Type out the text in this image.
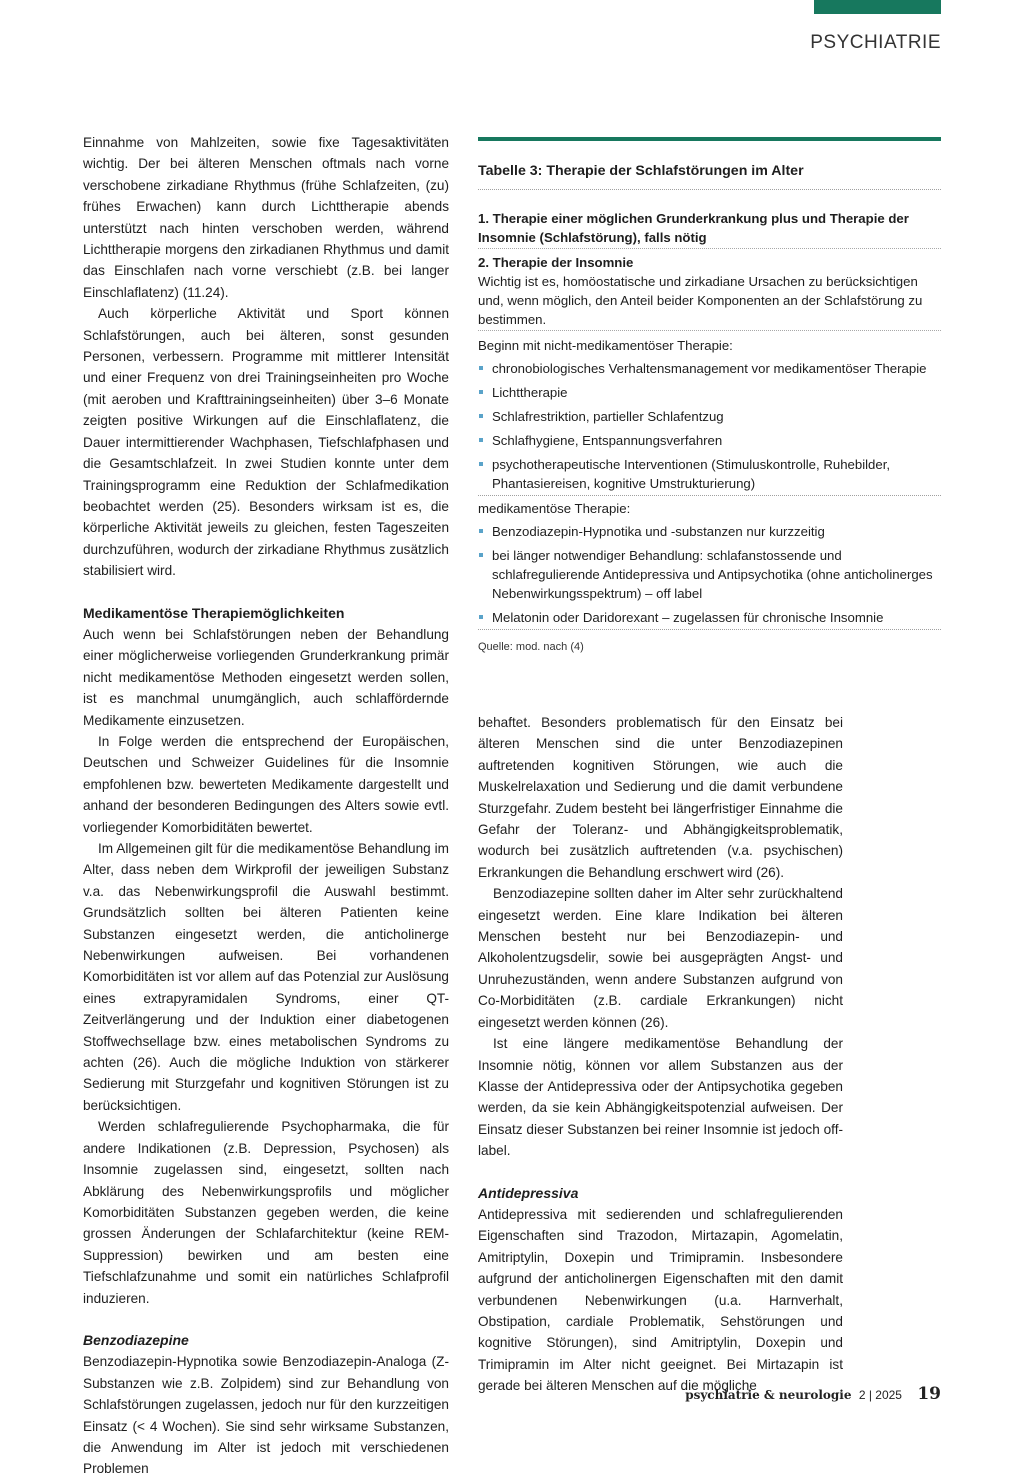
PSYCHIATRIE

Einnahme von Mahlzeiten, sowie fixe Tagesaktivitäten wichtig. Der bei älteren Menschen oftmals nach vorne verschobene zirkadiane Rhythmus (frühe Schlafzeiten, (zu) frühes Erwachen) kann durch Lichttherapie abends unterstützt nach hinten verschoben werden, während Lichttherapie morgens den zirkadianen Rhythmus und damit das Einschlafen nach vorne verschiebt (z.B. bei langer Einschlaflatenz) (11.24).

Auch körperliche Aktivität und Sport können Schlafstörungen, auch bei älteren, sonst gesunden Personen, verbessern. Programme mit mittlerer Intensität und einer Frequenz von drei Trainingseinheiten pro Woche (mit aeroben und Krafttrainingseinheiten) über 3–6 Monate zeigten positive Wirkungen auf die Einschlaflatenz, die Dauer intermittierender Wachphasen, Tiefschlafphasen und die Gesamtschlafzeit. In zwei Studien konnte unter dem Trainingsprogramm eine Reduktion der Schlafmedikation beobachtet werden (25). Besonders wirksam ist es, die körperliche Aktivität jeweils zu gleichen, festen Tageszeiten durchzuführen, wodurch der zirkadiane Rhythmus zusätzlich stabilisiert wird.

Medikamentöse Therapiemöglichkeiten

Auch wenn bei Schlafstörungen neben der Behandlung einer möglicherweise vorliegenden Grunderkrankung primär nicht medikamentöse Methoden eingesetzt werden sollen, ist es manchmal unumgänglich, auch schlaffördernde Medikamente einzusetzen.

In Folge werden die entsprechend der Europäischen, Deutschen und Schweizer Guidelines für die Insomnie empfohlenen bzw. bewerteten Medikamente dargestellt und anhand der besonderen Bedingungen des Alters sowie evtl. vorliegender Komorbiditäten bewertet.

Im Allgemeinen gilt für die medikamentöse Behandlung im Alter, dass neben dem Wirkprofil der jeweiligen Substanz v.a. das Nebenwirkungsprofil die Auswahl bestimmt. Grundsätzlich sollten bei älteren Patienten keine Substanzen eingesetzt werden, die anticholinerge Nebenwirkungen aufweisen. Bei vorhandenen Komorbiditäten ist vor allem auf das Potenzial zur Auslösung eines extrapyramidalen Syndroms, einer QT-Zeitverlängerung und der Induktion einer diabetogenen Stoffwechsellage bzw. eines metabolischen Syndroms zu achten (26). Auch die mögliche Induktion von stärkerer Sedierung mit Sturzgefahr und kognitiven Störungen ist zu berücksichtigen.

Werden schlafregulierende Psychopharmaka, die für andere Indikationen (z.B. Depression, Psychosen) als Insomnie zugelassen sind, eingesetzt, sollten nach Abklärung des Nebenwirkungsprofils und möglicher Komorbiditäten Substanzen gegeben werden, die keine grossen Änderungen der Schlafarchitektur (keine REM-Suppression) bewirken und am besten eine Tiefschlafzunahme und somit ein natürliches Schlafprofil induzieren.

Benzodiazepine

Benzodiazepin-Hypnotika sowie Benzodiazepin-Analoga (Z-Substanzen wie z.B. Zolpidem) sind zur Behandlung von Schlafstörungen zugelassen, jedoch nur für den kurzzeitigen Einsatz (< 4 Wochen). Sie sind sehr wirksame Substanzen, die Anwendung im Alter ist jedoch mit verschiedenen Problemen

Tabelle 3: Therapie der Schlafstörungen im Alter
1. Therapie einer möglichen Grunderkrankung plus und Therapie der Insomnie (Schlafstörung), falls nötig
2. Therapie der Insomnie
Wichtig ist es, homöostatische und zirkadiane Ursachen zu berücksichtigen und, wenn möglich, den Anteil beider Komponenten an der Schlafstörung zu bestimmen.
Beginn mit nicht-medikamentöser Therapie:
chronobiologisches Verhaltensmanagement vor medikamentöser Therapie
Lichttherapie
Schlafrestriktion, partieller Schlafentzug
Schlafhygiene, Entspannungsverfahren
psychotherapeutische Interventionen (Stimuluskontrolle, Ruhebilder, Phantasiereisen, kognitive Umstrukturierung)
medikamentöse Therapie:
Benzodiazepin-Hypnotika und -substanzen nur kurzzeitig
bei länger notwendiger Behandlung: schlafanstossende und schlafregulierende Antidepressiva und Antipsychotika (ohne anticholinerges Nebenwirkungsspektrum) – off label
Melatonin oder Daridorexant – zugelassen für chronische Insomnie
Quelle: mod. nach (4)

behaftet. Besonders problematisch für den Einsatz bei älteren Menschen sind die unter Benzodiazepinen auftretenden kognitiven Störungen, wie auch die Muskelrelaxation und Sedierung und die damit verbundene Sturzgefahr. Zudem besteht bei längerfristiger Einnahme die Gefahr der Toleranz- und Abhängigkeitsproblematik, wodurch bei zusätzlich auftretenden (v.a. psychischen) Erkrankungen die Behandlung erschwert wird (26).

Benzodiazepine sollten daher im Alter sehr zurückhaltend eingesetzt werden. Eine klare Indikation bei älteren Menschen besteht nur bei Benzodiazepin- und Alkoholentzugsdelir, sowie bei ausgeprägten Angst- und Unruhezuständen, wenn andere Substanzen aufgrund von Co-Morbiditäten (z.B. cardiale Erkrankungen) nicht eingesetzt werden können (26).

Ist eine längere medikamentöse Behandlung der Insomnie nötig, können vor allem Substanzen aus der Klasse der Antidepressiva oder der Antipsychotika gegeben werden, da sie kein Abhängigkeitspotenzial aufweisen. Der Einsatz dieser Substanzen bei reiner Insomnie ist jedoch off-label.

Antidepressiva

Antidepressiva mit sedierenden und schlafregulierenden Eigenschaften sind Trazodon, Mirtazapin, Agomelatin, Amitriptylin, Doxepin und Trimipramin. Insbesondere aufgrund der anticholinergen Eigenschaften mit den damit verbundenen Nebenwirkungen (u.a. Harnverhalt, Obstipation, cardiale Problematik, Sehstörungen und kognitive Störungen), sind Amitriptylin, Doxepin und Trimipramin im Alter nicht geeignet. Bei Mirtazapin ist gerade bei älteren Menschen auf die mögliche

psychiatrie & neurologie 2 | 2025 19
